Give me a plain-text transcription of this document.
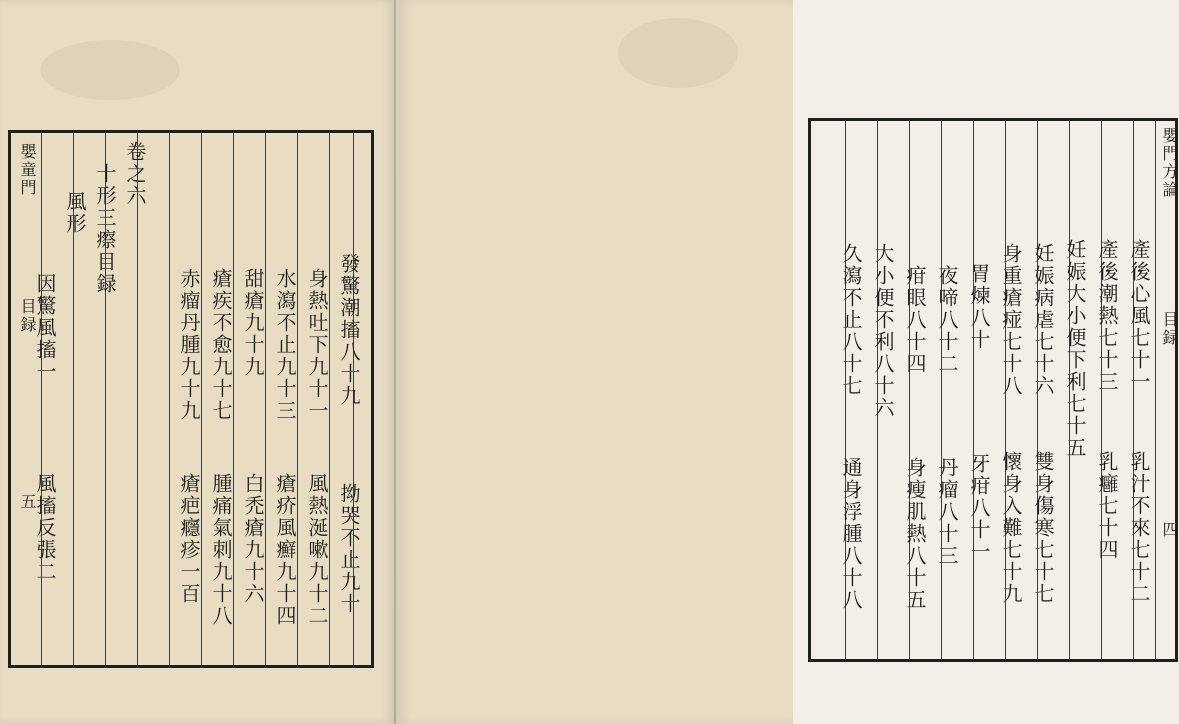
嬰童門
目録
五
卷之六
十形三瘵目録
風形
因驚風搐一
風搐反張二
發驚潮搐八十九
拗哭不止九十
身熱吐下九十一
風熱涎嗽九十二
水瀉不止九十三
瘡疥風癬九十四
甜瘡九十九
白禿瘡九十六
瘡疾不愈九十七
腫痛氣刺九十八
赤瘤丹腫九十九
瘡疤癮疹一百
嬰門方論
目録
四
產後心風七十一
乳汁不來七十二
產後潮熱七十三
乳癰七十四
妊娠大小便下利七十五
妊娠病虐七十六
雙身傷寒七十七
身重瘡痖七十八
懷身入難七十九
胃煉八十
牙疳八十一
夜啼八十二
丹瘤八十三
疳眼八十四
身瘦肌熱八十五
大小便不利八十六
久瀉不止八十七
通身浮腫八十八
